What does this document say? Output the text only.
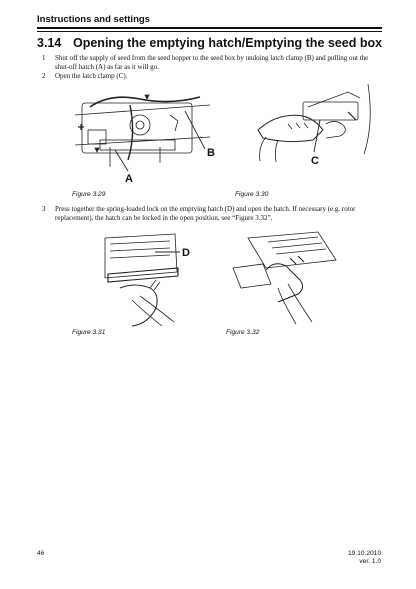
Instructions and settings
3.14 Opening the emptying hatch/Emptying the seed box
1 Shut off the supply of seed from the seed hopper to the seed box by undoing latch clamp (B) and pulling out the shut-off hatch (A) as far as it will go.
2 Open the latch clamp (C).
B
A
Figure 3.29
C
Figure 3.30
3 Press together the spring-loaded lock on the emptying hatch (D) and open the hatch. If necessary (e.g. rotor replacement), the hatch can be locked in the open position, see “Figure 3.32”.
D
Figure 3.31	Figure 3.32
46	19.10.2010
ver. 1.0
